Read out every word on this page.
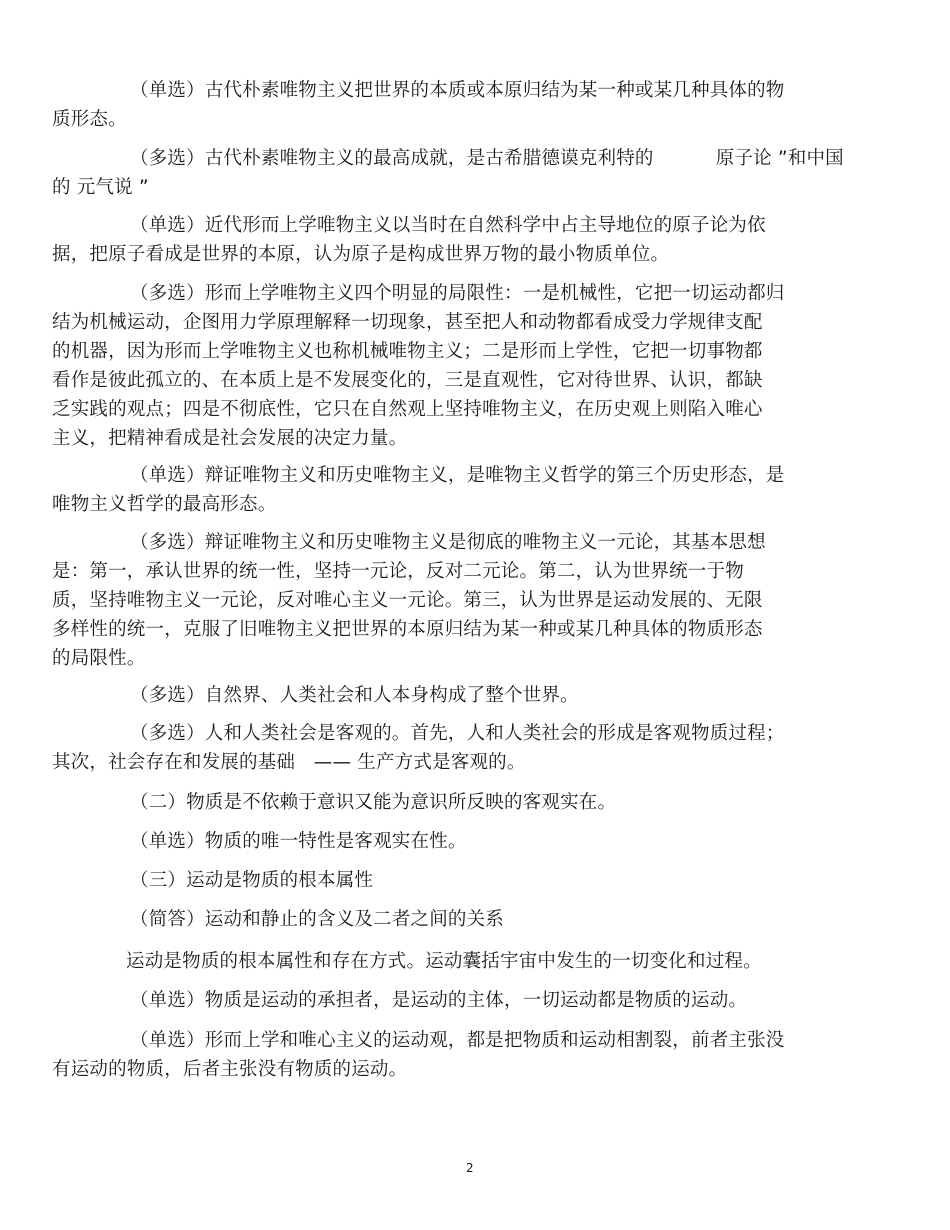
（单选）古代朴素唯物主义把世界的本质或本原归结为某一种或某几种具体的物
质形态。
（多选）古代朴素唯物主义的最高成就，是古希腊德谟克利特的　　　 原子论 ”和中国
的 元气说 ”
（单选）近代形而上学唯物主义以当时在自然科学中占主导地位的原子论为依
据，把原子看成是世界的本原，认为原子是构成世界万物的最小物质单位。
（多选）形而上学唯物主义四个明显的局限性：一是机械性，它把一切运动都归
结为机械运动，企图用力学原理解释一切现象，甚至把人和动物都看成受力学规律支配
的机器，因为形而上学唯物主义也称机械唯物主义；二是形而上学性，它把一切事物都
看作是彼此孤立的、在本质上是不发展变化的，三是直观性，它对待世界、认识，都缺
乏实践的观点；四是不彻底性，它只在自然观上坚持唯物主义，在历史观上则陷入唯心
主义，把精神看成是社会发展的决定力量。
（单选）辩证唯物主义和历史唯物主义，是唯物主义哲学的第三个历史形态，是
唯物主义哲学的最高形态。
（多选）辩证唯物主义和历史唯物主义是彻底的唯物主义一元论，其基本思想
是：第一，承认世界的统一性，坚持一元论，反对二元论。第二，认为世界统一于物
质，坚持唯物主义一元论，反对唯心主义一元论。第三，认为世界是运动发展的、无限
多样性的统一，克服了旧唯物主义把世界的本原归结为某一种或某几种具体的物质形态
的局限性。
（多选）自然界、人类社会和人本身构成了整个世界。
（多选）人和人类社会是客观的。首先，人和人类社会的形成是客观物质过程；
其次，社会存在和发展的基础　—— 生产方式是客观的。
（二）物质是不依赖于意识又能为意识所反映的客观实在。
（单选）物质的唯一特性是客观实在性。
（三）运动是物质的根本属性
（简答）运动和静止的含义及二者之间的关系
运动是物质的根本属性和存在方式。运动囊括宇宙中发生的一切变化和过程。
（单选）物质是运动的承担者，是运动的主体，一切运动都是物质的运动。
（单选）形而上学和唯心主义的运动观，都是把物质和运动相割裂，前者主张没
有运动的物质，后者主张没有物质的运动。
2
